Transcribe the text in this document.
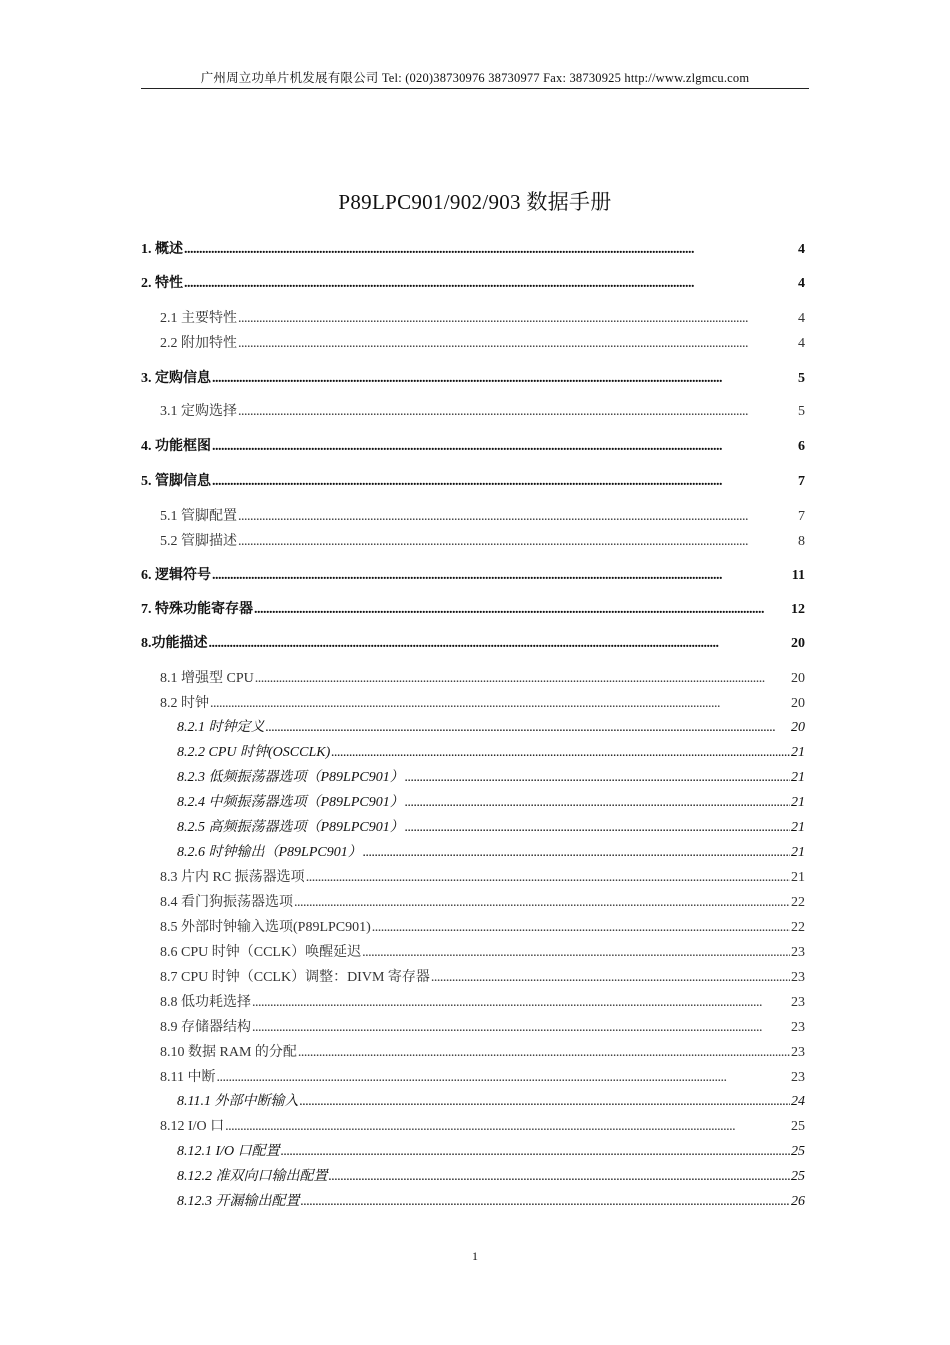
广州周立功单片机发展有限公司 Tel: (020)38730976 38730977 Fax: 38730925 http://www.zlgmcu.com
P89LPC901/902/903 数据手册
1. 概述 . . .	4
2. 特性 . . .	4
2.1 主要特性 . . .	4
2.2 附加特性 . . .	4
3. 定购信息 . . .	5
3.1 定购选择 . . .	5
4. 功能框图 . . .	6
5. 管脚信息 . . .	7
5.1 管脚配置 . . .	7
5.2 管脚描述 . . .	8
6. 逻辑符号 . . .	11
7. 特殊功能寄存器 . . .	12
8.功能描述 . . .	20
8.1 增强型 CPU . . .	20
8.2 时钟 . . .	20
8.2.1 时钟定义 . . .	20
8.2.2 CPU 时钟(OSCCLK) . . .	21
8.2.3 低频振荡器选项（P89LPC901） . . .	21
8.2.4 中频振荡器选项（P89LPC901） . . .	21
8.2.5 高频振荡器选项（P89LPC901） . . .	21
8.2.6 时钟输出（P89LPC901） . . .	21
8.3 片内 RC 振荡器选项 . . .	21
8.4 看门狗振荡器选项 . . .	22
8.5 外部时钟输入选项(P89LPC901) . . .	22
8.6 CPU 时钟（CCLK）唤醒延迟 . . .	23
8.7 CPU 时钟（CCLK）调整：DIVM 寄存器 . . .	23
8.8 低功耗选择 . . .	23
8.9 存储器结构 . . .	23
8.10 数据 RAM 的分配 . . .	23
8.11 中断 . . .	23
8.11.1 外部中断输入 . . .	24
8.12 I/O 口 . . .	25
8.12.1 I/O 口配置 . . .	25
8.12.2 准双向口输出配置 . . .	25
8.12.3 开漏输出配置 . . .	26
1
